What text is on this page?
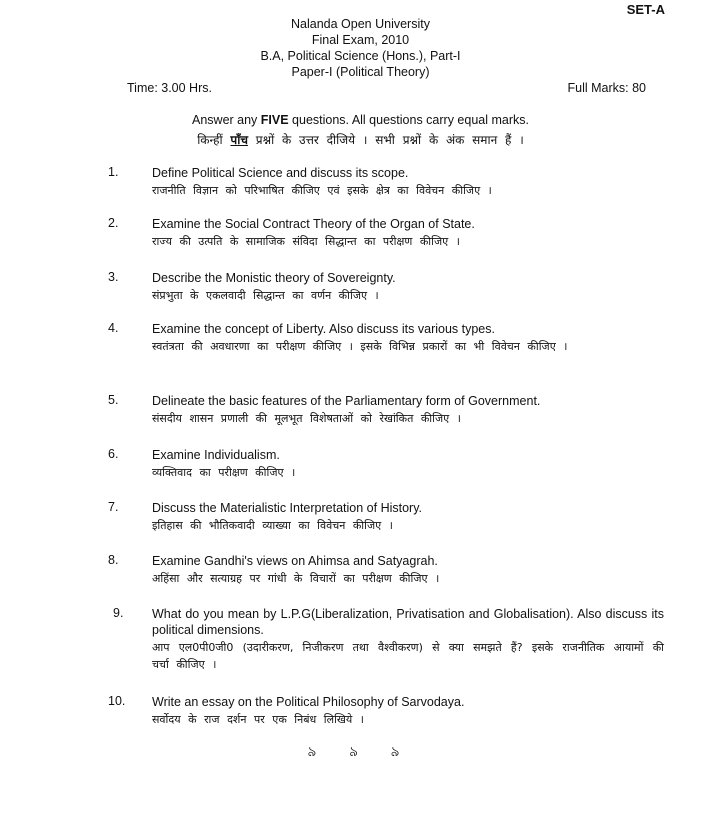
SET-A
Nalanda Open University
Final Exam, 2010
B.A, Political Science (Hons.), Part-I
Paper-I (Political Theory)
Time: 3.00 Hrs.	Full Marks: 80
Answer any FIVE questions. All questions carry equal marks.
किन्हीं पाँच प्रश्नों के उत्तर दीजिये । सभी प्रश्नों के अंक समान हैं ।
1.	Define Political Science and discuss its scope.
राजनीति विज्ञान को परिभाषित कीजिए एवं इसके क्षेत्र का विवेचन कीजिए ।
2.	Examine the Social Contract Theory of the Organ of State.
राज्य की उत्पति के सामाजिक संविदा सिद्धान्त का परीक्षण कीजिए ।
3.	Describe the Monistic theory of Sovereignty.
संप्रभुता के एकलवादी सिद्धान्त का वर्णन कीजिए ।
4.	Examine the concept of Liberty. Also discuss its various types.
स्वतंत्रता की अवधारणा का परीक्षण कीजिए । इसके विभिन्न प्रकारों का भी विवेचन कीजिए ।
5.	Delineate the basic features of the Parliamentary form of Government.
संसदीय शासन प्रणाली की मूलभूत विशेषताओं को रेखांकित कीजिए ।
6.	Examine Individualism.
व्यक्तिवाद का परीक्षण कीजिए ।
7.	Discuss the Materialistic Interpretation of History.
इतिहास की भौतिकवादी व्याख्या का विवेचन कीजिए ।
8.	Examine Gandhi's views on Ahimsa and Satyagrah.
अहिंसा और सत्याग्रह पर गांधी के विचारों का परीक्षण कीजिए ।
9. What do you mean by L.P.G(Liberalization, Privatisation and Globalisation). Also discuss its political dimensions.
आप एल0पी0जी0 (उदारीकरण, निजीकरण तथा वैश्वीकरण) से क्या समझते हैं? इसके राजनीतिक आयामों की चर्चा कीजिए ।
10. Write an essay on the Political Philosophy of Sarvodaya.
सर्वोदय के राज दर्शन पर एक निबंध लिखिये ।
৯ ৯ ৯
